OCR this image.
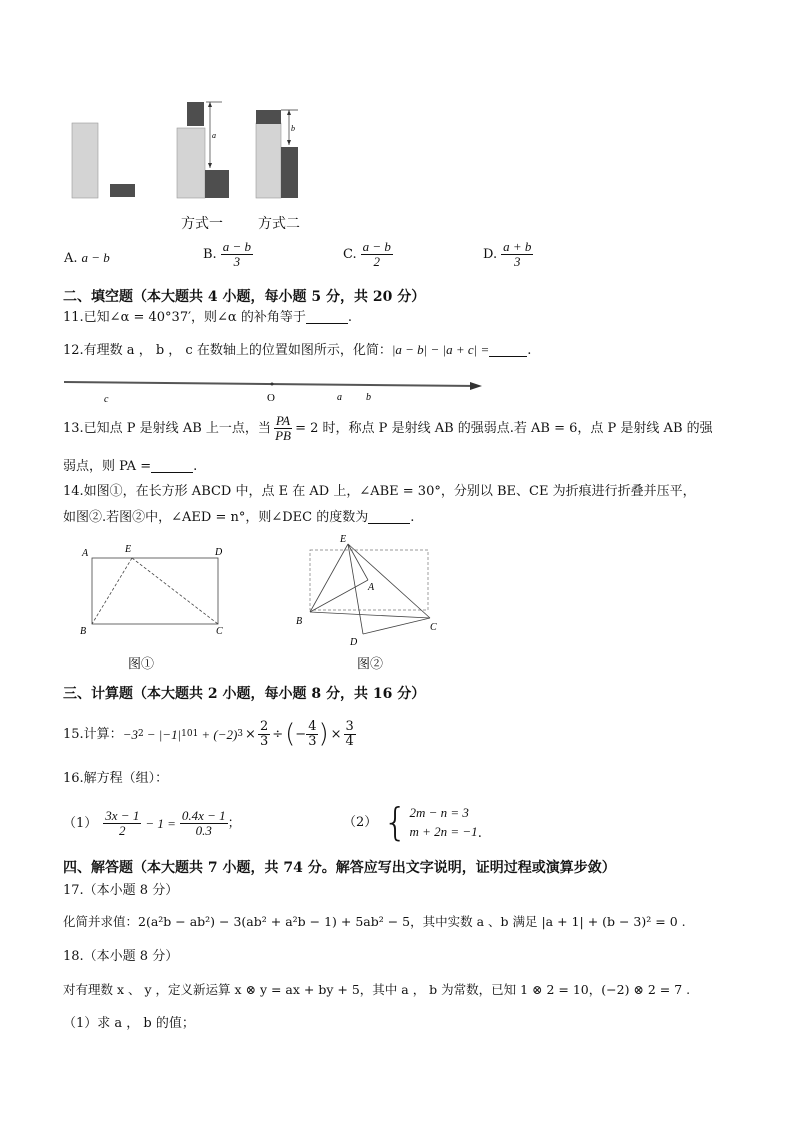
a
b
方式一	方式二
A. a − b	B. $\frac{a - b}{3}$	C. $\frac{a - b}{2}$	D. $\frac{a + b}{3}$
二、填空题（本大题共 4 小题，每小题 5 分，共 20 分）
11.已知∠α = 40°37′，则∠α 的补角等于	.
12.有理数 a ， b ， c 在数轴上的位置如图所示，化简：|a − b| − |a + c| =	.
c	O	a b
13.已知点 P 是射线 AB 上一点，当 $\frac{PA}{PB} = 2$ 时，称点 P 是射线 AB 的强弱点.若 AB = 6，点 P 是射线 AB 的强
弱点，则 PA =	.
14.如图①，在长方形 ABCD 中，点 E 在 AD 上，∠ABE = 30°，分别以 BE、CE 为折痕进行折叠并压平，
如图②.若图②中，∠AED = n°，则∠DEC 的度数为	.
A	E	D
B	C
图①
E
A
B
D
C
图②
三、计算题（本大题共 2 小题，每小题 8 分，共 16 分）
15.计算： −3 2 − |−1| 101 + (−2) $3 \times \frac{2}{3}$ ÷ ( − $\frac{4}{3}$ ) × $\frac{3}{4}$
16.解方程（组）：
$(1) \frac{3x - 1}{2} - 1 = \frac{0.4x - 1}{0.3}$ ；	（2） { 2m − n = 3
m + 2n = −1 .
四、解答题（本大题共 7 小题，共 74 分。解答应写出文字说明，证明过程或演算步敛）
17.（本小题 8 分）
化简并求值：2(a²b − ab²) − 3(ab² + a²b − 1) + 5ab² − 5，其中实数 a 、b 满足 |a + 1| + (b − 3)² = 0 .
18.（本小题 8 分）
对有理数 x 、 y ，定义新运算 x ⊗ y = ax + by + 5，其中 a ， b 为常数，已知 1 ⊗ 2 = 10，(−2) ⊗ 2 = 7 .
（1）求 a ， b 的值；
